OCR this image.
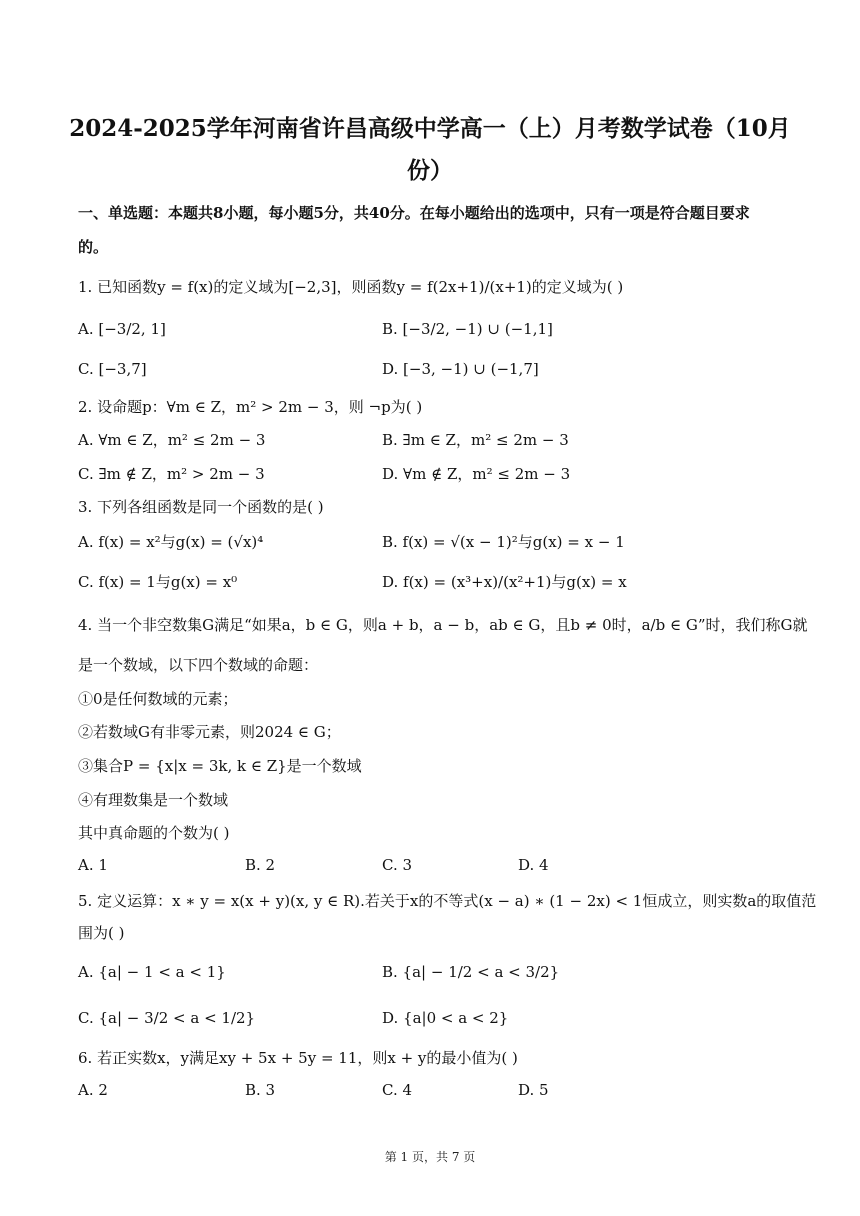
2024-2025学年河南省许昌高级中学高一（上）月考数学试卷（10月
份）
一、单选题：本题共8小题，每小题5分，共40分。在每小题给出的选项中，只有一项是符合题目要求
的。
1. 已知函数y = f(x)的定义域为[−2,3]，则函数y = f(2x+1)/(x+1)的定义域为( )
A. [−3/2, 1]	B. [−3/2, −1) ∪ (−1,1]
C. [−3,7]	D. [−3, −1) ∪ (−1,7]
2. 设命题p：∀m ∈ Z，m² > 2m − 3，则 ¬p为( )
A. ∀m ∈ Z，m² ≤ 2m − 3	B. ∃m ∈ Z，m² ≤ 2m − 3
C. ∃m ∉ Z，m² > 2m − 3	D. ∀m ∉ Z，m² ≤ 2m − 3
3. 下列各组函数是同一个函数的是( )
A. f(x) = x²与g(x) = (√x)⁴	B. f(x) = √(x − 1)²与g(x) = x − 1
C. f(x) = 1与g(x) = x⁰	D. f(x) = (x³+x)/(x²+1)与g(x) = x
4. 当一个非空数集G满足“如果a，b ∈ G，则a + b，a − b，ab ∈ G，且b ≠ 0时，a/b ∈ G”时，我们称G就
是一个数域，以下四个数域的命题：
①0是任何数域的元素；
②若数域G有非零元素，则2024 ∈ G；
③集合P = {x|x = 3k, k ∈ Z}是一个数域
④有理数集是一个数域
其中真命题的个数为( )
A. 1	B. 2	C. 3	D. 4
5. 定义运算：x ∗ y = x(x + y)(x, y ∈ R).若关于x的不等式(x − a) ∗ (1 − 2x) < 1恒成立，则实数a的取值范
围为( )
A. {a| − 1 < a < 1}	B. {a| − 1/2 < a < 3/2}
C. {a| − 3/2 < a < 1/2}	D. {a|0 < a < 2}
6. 若正实数x，y满足xy + 5x + 5y = 11，则x + y的最小值为( )
A. 2	B. 3	C. 4	D. 5
第 1 页，共 7 页
